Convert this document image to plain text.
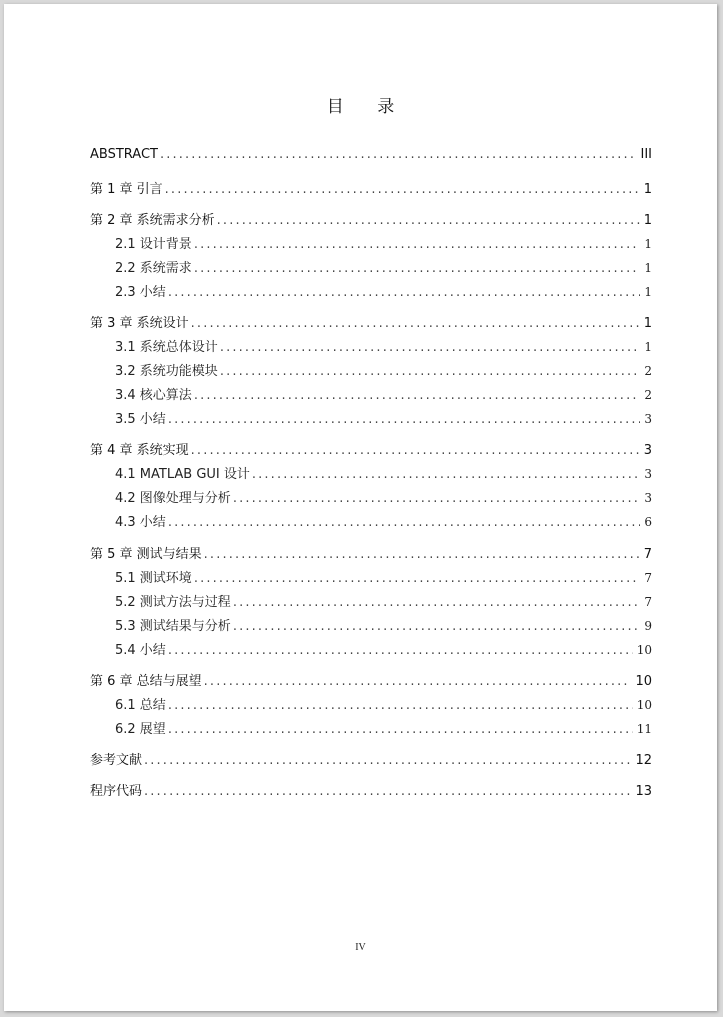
目 录
ABSTRACT . . .	III
第 1 章 引言 . . .	1
第 2 章 系统需求分析 . . .	1
2.1 设计背景 . . .	1
2.2 系统需求 . . .	1
2.3 小结 . . .	1
第 3 章 系统设计 . . .	1
3.1 系统总体设计 . . .	1
3.2 系统功能模块 . . .	2
3.4 核心算法 . . .	2
3.5 小结 . . .	3
第 4 章 系统实现 . . .	3
4.1 MATLAB GUI 设计 . . .	3
4.2 图像处理与分析 . . .	3
4.3 小结 . . .	6
第 5 章 测试与结果 . . .	7
5.1 测试环境 . . .	7
5.2 测试方法与过程 . . .	7
5.3 测试结果与分析 . . .	9
5.4 小结 . . .	10
第 6 章 总结与展望 . . .	10
6.1 总结 . . .	10
6.2 展望 . . .	11
参考文献 . . .	12
程序代码 . . .	13
IV
